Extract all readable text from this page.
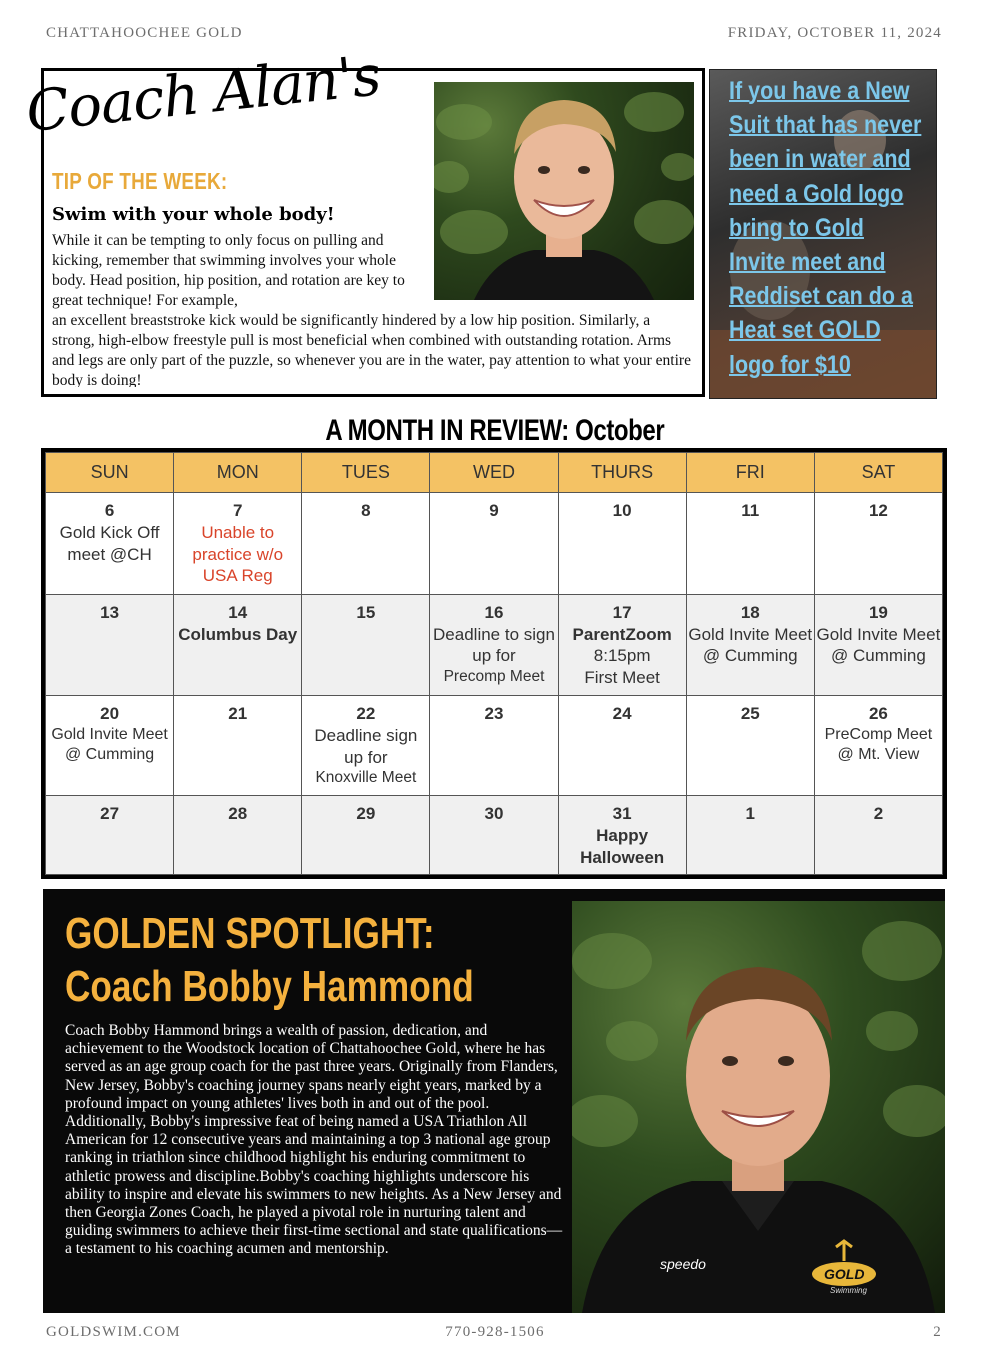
CHATTAHOOCHEE GOLD	FRIDAY, OCTOBER 11, 2024
Coach Alan's
TIP OF THE WEEK:
Swim with your whole body!
While it can be tempting to only focus on pulling and kicking, remember that swimming involves your whole body. Head position, hip position, and rotation are key to great technique! For example,
an excellent breaststroke kick would be significantly hindered by a low hip position. Similarly, a strong, high-elbow freestyle pull is most beneficial when combined with outstanding rotation. Arms and legs are only part of the puzzle, so whenever you are in the water, pay attention to what your entire body is doing!
If you have a New Suit that has never been in water and need a Gold logo bring to Gold Invite meet and Reddiset can do a Heat set GOLD logo for $10
A MONTH IN REVIEW: October
SUN	MON	TUES	WED	THURS	FRI	SAT

6
Gold Kick Off meet @CH	7
Unable to practice w/o USA Reg	8	9	10	11	12

13	14
Columbus Day	15	16
Deadline to sign up for
Precomp Meet	17
ParentZoom
8:15pm
First Meet	18
Gold Invite Meet @ Cumming	19
Gold Invite Meet @ Cumming

20
Gold Invite Meet @ Cumming	21	22
Deadline sign up for
Knoxville Meet	23	24	25	26
PreComp Meet @ Mt. View

27	28	29	30	31
Happy Halloween	1	2
speedo
GOLD
Swimming
GOLDEN SPOTLIGHT:
Coach Bobby Hammond
Coach Bobby Hammond brings a wealth of passion, dedication, and achievement to the Woodstock location of Chattahoochee Gold, where he has served as an age group coach for the past three years. Originally from Flanders, New Jersey, Bobby's coaching journey spans nearly eight years, marked by a profound impact on young athletes' lives both in and out of the pool. Additionally, Bobby's impressive feat of being named a USA Triathlon All American for 12 consecutive years and maintaining a top 3 national age group ranking in triathlon since childhood highlight his enduring commitment to athletic prowess and discipline.Bobby's coaching highlights underscore his ability to inspire and elevate his swimmers to new heights. As a New Jersey and then Georgia Zones Coach, he played a pivotal role in nurturing talent and guiding swimmers to achieve their first-time sectional and state qualifications—a testament to his coaching acumen and mentorship.
GOLDSWIM.COM	770-928-1506	2
